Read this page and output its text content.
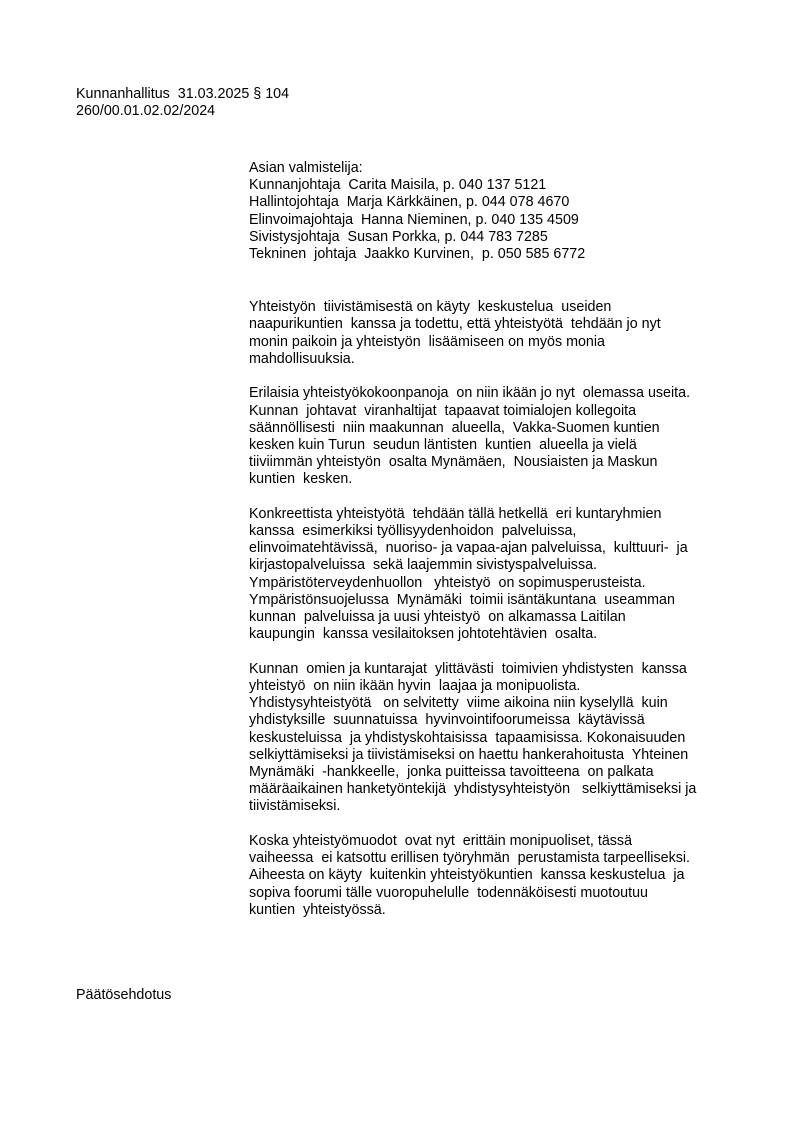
Kunnanhallitus  31.03.2025 § 104
260/00.01.02.02/2024
Asian valmistelija:
Kunnanjohtaja  Carita Maisila, p. 040 137 5121
Hallintojohtaja  Marja Kärkkäinen, p. 044 078 4670
Elinvoimajohtaja  Hanna Nieminen, p. 040 135 4509
Sivistysjohtaja  Susan Porkka, p. 044 783 7285
Tekninen  johtaja  Jaakko Kurvinen,  p. 050 585 6772
Yhteistyön  tiivistämisestä on käyty  keskustelua  useiden
naapurikuntien  kanssa ja todettu, että yhteistyötä  tehdään jo nyt
monin paikoin ja yhteistyön  lisäämiseen on myös monia
mahdollisuuksia.
Erilaisia yhteistyökokoonpanoja  on niin ikään jo nyt  olemassa useita.
Kunnan  johtavat  viranhaltijat  tapaavat toimialojen kollegoita
säännöllisesti  niin maakunnan  alueella,  Vakka-Suomen kuntien
kesken kuin Turun  seudun läntisten  kuntien  alueella ja vielä
tiiviimmän yhteistyön  osalta Mynämäen,  Nousiaisten ja Maskun
kuntien  kesken.
Konkreettista yhteistyötä  tehdään tällä hetkellä  eri kuntaryhmien
kanssa  esimerkiksi työllisyydenhoidon  palveluissa,
elinvoimatehtävissä,  nuoriso- ja vapaa-ajan palveluissa,  kulttuuri-  ja
kirjastopalveluissa  sekä laajemmin sivistyspalveluissa.
Ympäristöterveydenhuollon   yhteistyö  on sopimusperusteista.
Ympäristönsuojelussa  Mynämäki  toimii isäntäkuntana  useamman
kunnan  palveluissa ja uusi yhteistyö  on alkamassa Laitilan
kaupungin  kanssa vesilaitoksen johtotehtävien  osalta.
Kunnan  omien ja kuntarajat  ylittävästi  toimivien yhdistysten  kanssa
yhteistyö  on niin ikään hyvin  laajaa ja monipuolista.
Yhdistysyhteistyötä   on selvitetty  viime aikoina niin kyselyllä  kuin
yhdistyksille  suunnatuissa  hyvinvointifoorumeissa  käytävissä
keskusteluissa  ja yhdistyskohtaisissa  tapaamisissa. Kokonaisuuden
selkiyttämiseksi ja tiivistämiseksi on haettu hankerahoitusta  Yhteinen
Mynämäki  -hankkeelle,  jonka puitteissa tavoitteena  on palkata
määräaikainen hanketyöntekijä  yhdistysyhteistyön   selkiyttämiseksi ja
tiivistämiseksi.
Koska yhteistyömuodot  ovat nyt  erittäin monipuoliset, tässä
vaiheessa  ei katsottu erillisen työryhmän  perustamista tarpeelliseksi.
Aiheesta on käyty  kuitenkin yhteistyökuntien  kanssa keskustelua  ja
sopiva foorumi tälle vuoropuhelulle  todennäköisesti muotoutuu
kuntien  yhteistyössä.
Päätösehdotus
